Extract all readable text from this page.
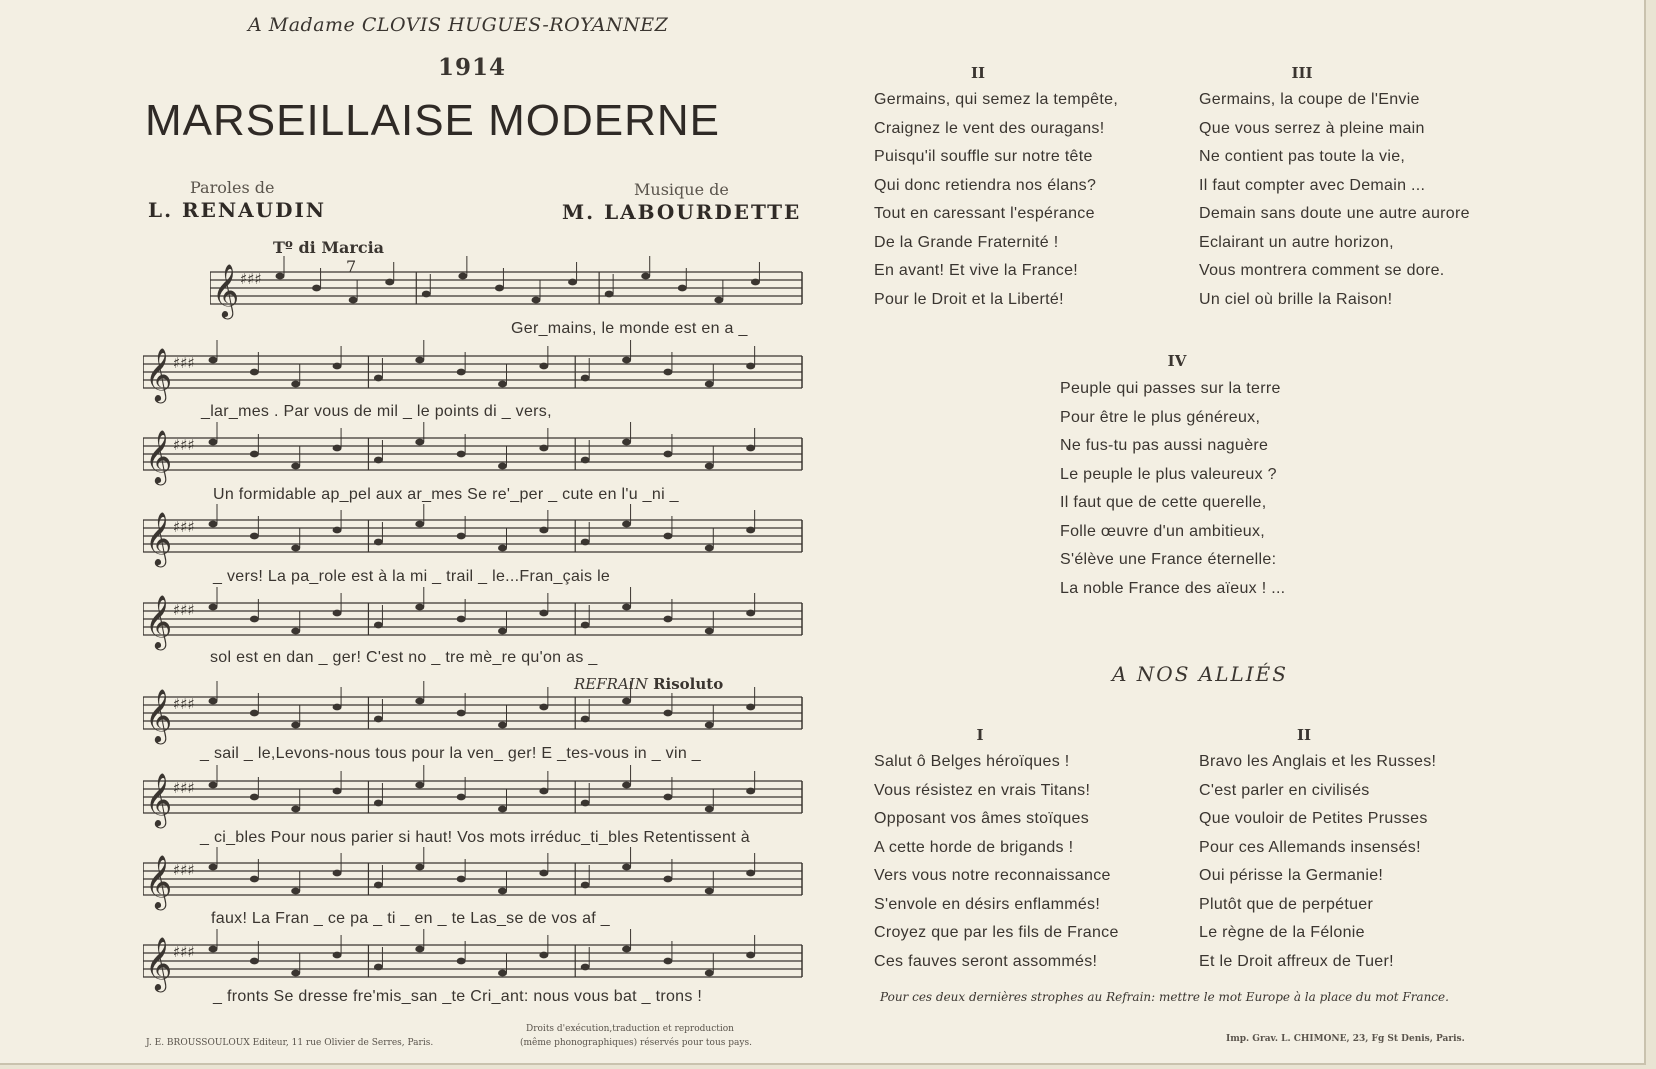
A Madame CLOVIS HUGUES-ROYANNEZ
1914
MARSEILLAISE MODERNE
Paroles de
L. RENAUDIN
Musique de
M. LABOURDETTE
Tº di Marcia
7
REFRAIN Risoluto
𝄞 ♯♯♯
𝄞 ♯♯♯
𝄞 ♯♯♯
𝄞 ♯♯♯
𝄞 ♯♯♯
𝄞 ♯♯♯
𝄞 ♯♯♯
𝄞 ♯♯♯
𝄞 ♯♯♯
Ger_mains, le monde est en a _
_lar_mes . Par vous de mil _ le points di _ vers,
Un formidable ap_pel aux ar_mes Se re'_per _ cute en l'u _ni _
_ vers! La pa_role est à la mi _ trail _ le...Fran_çais le
sol est en dan _ ger! C'est no _ tre mè_re qu'on as _
_ sail _ le,Levons-nous tous pour la ven_ ger! E _tes-vous in _ vin _
_ ci_bles Pour nous parier si haut! Vos mots irréduc_ti_bles Retentissent à
faux! La Fran _ ce pa _ ti _ en _ te Las_se de vos af _
_ fronts Se dresse fre'mis_san _te Cri_ant: nous vous bat _ trons !
II
Germains, qui semez la tempête,
Craignez le vent des ouragans!
Puisqu'il souffle sur notre tête
Qui donc retiendra nos élans?
Tout en caressant l'espérance
De la Grande Fraternité !
En avant! Et vive la France!
Pour le Droit et la Liberté!
III
Germains, la coupe de l'Envie
Que vous serrez à pleine main
Ne contient pas toute la vie,
Il faut compter avec Demain ...
Demain sans doute une autre aurore
Eclairant un autre horizon,
Vous montrera comment se dore.
Un ciel où brille la Raison!
IV
Peuple qui passes sur la terre
Pour être le plus généreux,
Ne fus-tu pas aussi naguère
Le peuple le plus valeureux ?
Il faut que de cette querelle,
Folle œuvre d'un ambitieux,
S'élève une France éternelle:
La noble France des aïeux ! ...
A NOS ALLIÉS
I
Salut ô Belges héroïques !
Vous résistez en vrais Titans!
Opposant vos âmes stoïques
A cette horde de brigands !
Vers vous notre reconnaissance
S'envole en désirs enflammés!
Croyez que par les fils de France
Ces fauves seront assommés!
II
Bravo les Anglais et les Russes!
C'est parler en civilisés
Que vouloir de Petites Prusses
Pour ces Allemands insensés!
Oui périsse la Germanie!
Plutôt que de perpétuer
Le règne de la Félonie
Et le Droit affreux de Tuer!
Pour ces deux dernières strophes au Refrain: mettre le mot Europe à la place du mot France.
Droits d'exécution,traduction et reproduction
J. E. BROUSSOULOUX Editeur, 11 rue Olivier de Serres, Paris.	(même phonographiques) réservés pour tous pays.	Imp. Grav. L. CHIMONE, 23, Fg St Denis, Paris.
